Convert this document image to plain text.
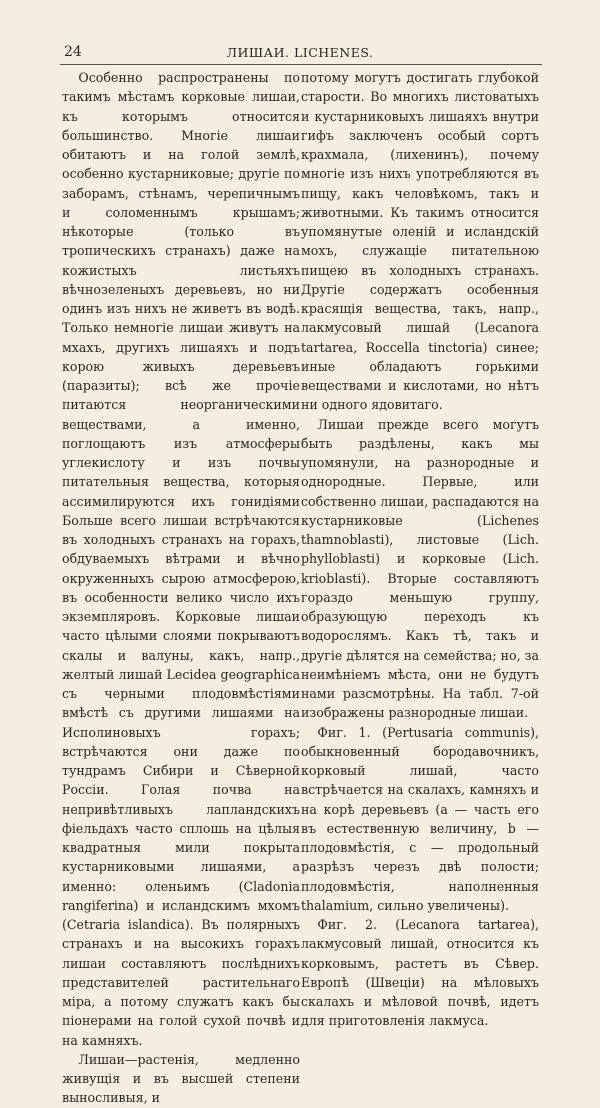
24	ЛИШАИ. LICHENES.

Особенно распространены по такимъ мѣстамъ корковые лишаи, къ которымъ относится большинство. Многіе лишаи обитаютъ и на голой землѣ, особенно кустарниковые; другіе по заборамъ, стѣнамъ, черепичнымъ и соломеннымъ крышамъ; нѣкоторые (только въ тропическихъ странахъ) даже на кожистыхъ листьяхъ вѣчнозеленыхъ деревьевъ, но ни одинъ изъ нихъ не живетъ въ водѣ. Только немногіе лишаи живутъ на мхахъ, другихъ лишаяхъ и подъ корою живыхъ деревьевъ (паразиты); всѣ же прочіе питаются неорганическими веществами, а именно, поглощаютъ изъ атмосферы углекислоту и изъ почвы питательныя вещества, которыя ассимилируются ихъ гонидіями Больше всего лишаи встрѣчаются въ холодныхъ странахъ на горахъ, обдуваемыхъ вѣтрами и вѣчно окруженныхъ сырою атмосферою, въ особенности велико число ихъ экземпляровъ. Корковые лишаи часто цѣлыми слоями покрываютъ скалы и валуны, какъ, напр., желтый лишай Lecidea geographica съ черными плодовмѣстіями вмѣстѣ съ другими лишаями на Исполиновыхъ горахъ; встрѣчаются они даже по тундрамъ Сибири и Сѣверной Россіи. Голая почва на непривѣтливыхъ лапландскихъ фіельдахъ часто сплошь на цѣлыя квадратныя мили покрыта кустарниковыми лишаями, а именно: оленьимъ (Cladonia rangiferina) и исландскимъ мхомъ (Cetraria islandica). Въ полярныхъ странахъ и на высокихъ горахъ лишаи составляютъ послѣднихъ представителей растительнаго міра, а потому служатъ какъ бы піонерами на голой сухой почвѣ и на камняхъ.

Лишаи—растенія, медленно живущія и въ высшей степени выносливыя, и

потому могутъ достигать глубокой старости. Во многихъ листоватыхъ и кустарниковыхъ лишаяхъ внутри гифъ заключенъ особый сортъ крахмала, (лихенинъ), почему многіе изъ нихъ употребляются въ пищу, какъ человѣкомъ, такъ и животными. Къ такимъ относится упомянутые оленій и исландскій мохъ, служащіе питательною пищею въ холодныхъ странахъ. Другіе содержатъ особенныя красящія вещества, такъ, напр., лакмусовый лишай (Lecanora tartarea, Roccella tinctoria) синее; иные обладаютъ горькими веществами и кислотами, но нѣтъ ни одного ядовитаго.

Лишаи прежде всего могутъ быть раздѣлены, какъ мы упомянули, на разнородные и однородные. Первые, или собственно лишаи, распадаются на кустарниковые (Lichenes thamnoblasti), листовые (Lich. phylloblasti) и корковые (Lich. krioblasti). Вторые составляютъ гораздо меньшую группу, образующую переходъ къ водорослямъ. Какъ тѣ, такъ и другіе дѣлятся на семейства; но, за неимѣніемъ мѣста, они не будутъ нами разсмотрѣны. На табл. 7-ой изображены разнородные лишаи.

Фиг. 1. (Pertusaria communis), обыкновенный бородавочникъ, корковый лишай, часто встрѣчается на скалахъ, камняхъ и на корѣ деревьевъ (a — часть его въ естественную величину, b — плодовмѣстія, c — продольный разрѣзъ черезъ двѣ полости; плодовмѣстія, наполненныя thalamium, сильно увеличены).

Фиг. 2. (Lecanora tartarea), лакмусовый лишай, относится къ корковымъ, растетъ въ Сѣвер. Европѣ (Швеціи) на мѣловыхъ скалахъ и мѣловой почвѣ, идетъ для приготовленія лакмуса.
